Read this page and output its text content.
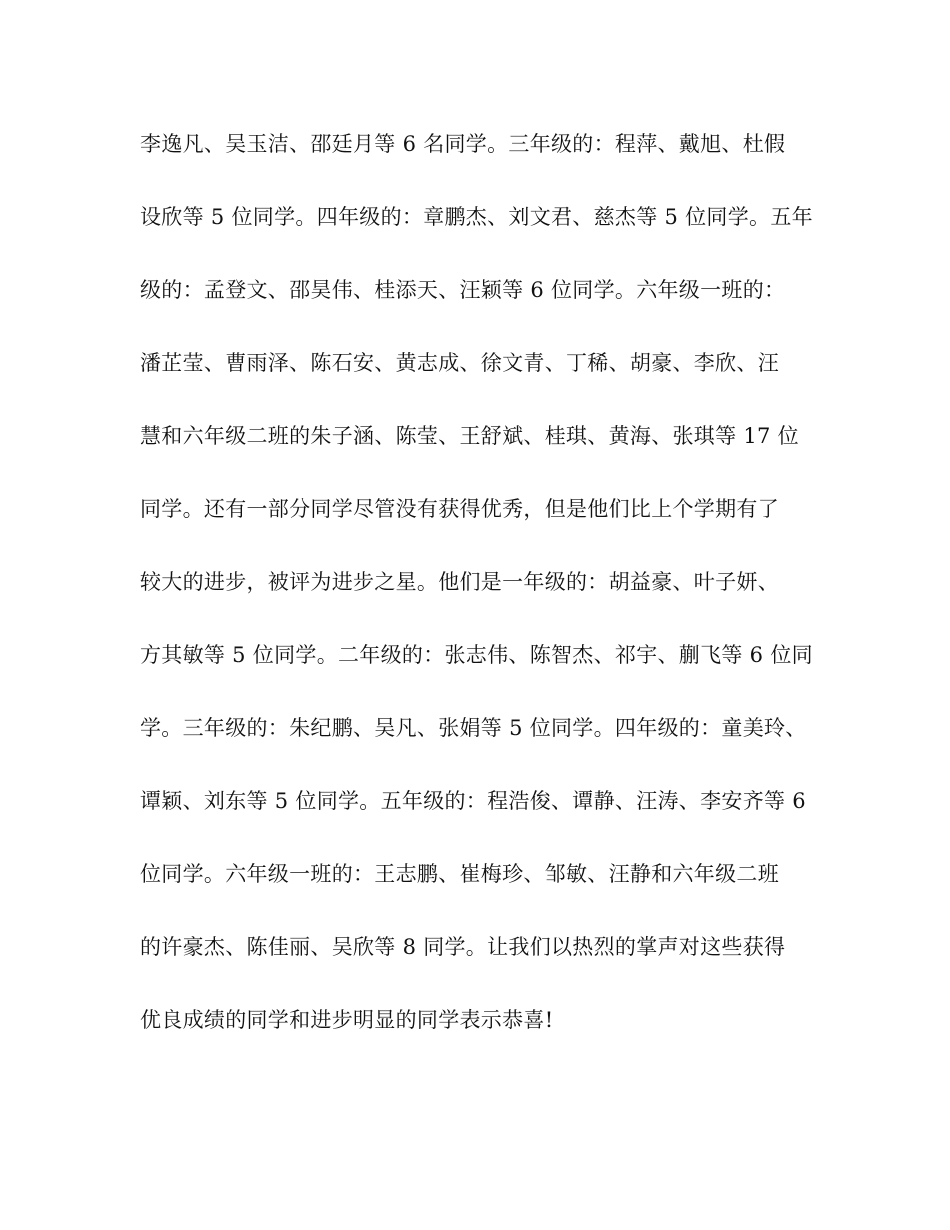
李逸凡、吴玉洁、邵廷月等 6 名同学。三年级的：程萍、戴旭、杜假
设欣等 5 位同学。四年级的：章鹏杰、刘文君、慈杰等 5 位同学。五年
级的：孟登文、邵昊伟、桂添天、汪颖等 6 位同学。六年级一班的：
潘芷莹、曹雨泽、陈石安、黄志成、徐文青、丁稀、胡豪、李欣、汪
慧和六年级二班的朱子涵、陈莹、王舒斌、桂琪、黄海、张琪等 17 位
同学。还有一部分同学尽管没有获得优秀，但是他们比上个学期有了
较大的进步，被评为进步之星。他们是一年级的：胡益豪、叶子妍、
方其敏等 5 位同学。二年级的：张志伟、陈智杰、祁宇、蒯飞等 6 位同
学。三年级的：朱纪鹏、吴凡、张娟等 5 位同学。四年级的：童美玲、
谭颖、刘东等 5 位同学。五年级的：程浩俊、谭静、汪涛、李安齐等 6
位同学。六年级一班的：王志鹏、崔梅珍、邹敏、汪静和六年级二班
的许豪杰、陈佳丽、吴欣等 8 同学。让我们以热烈的掌声对这些获得
优良成绩的同学和进步明显的同学表示恭喜!
